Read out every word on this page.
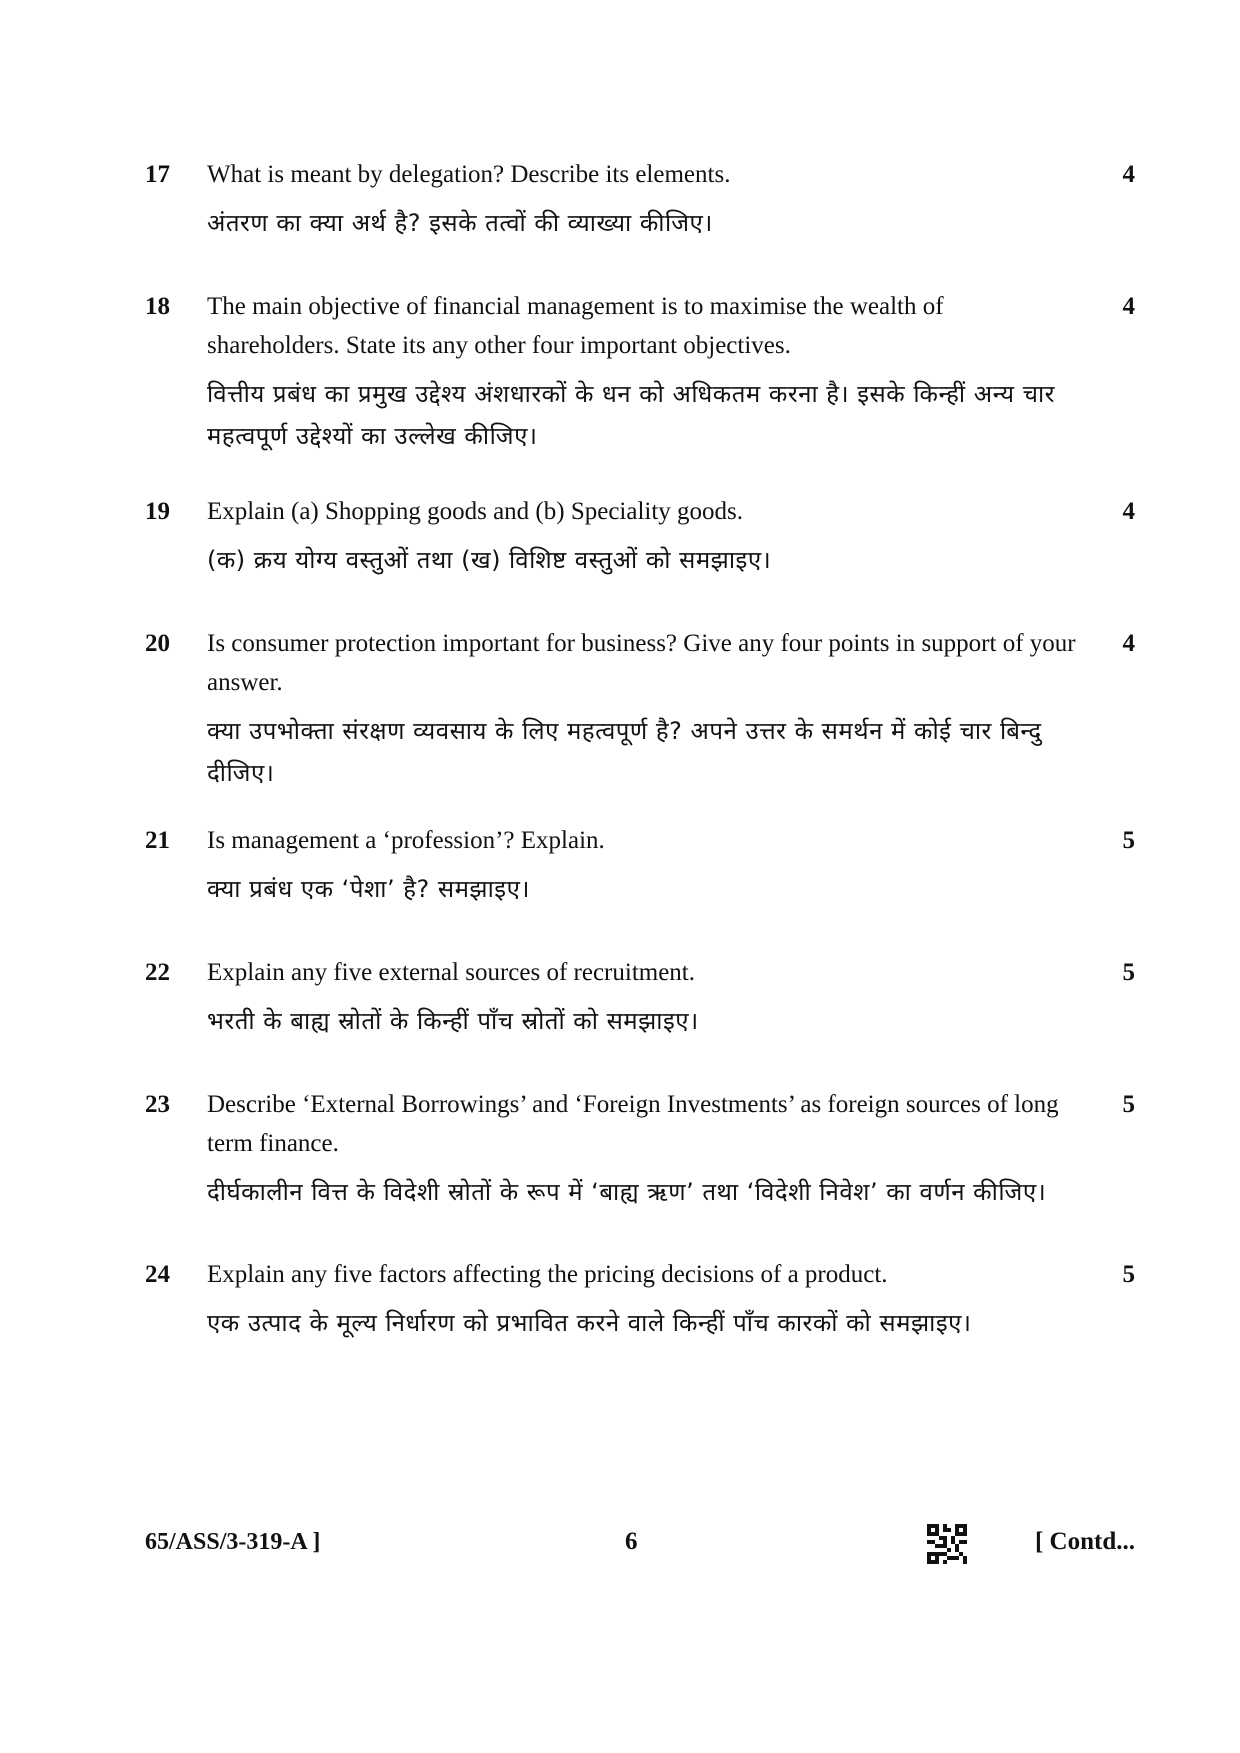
17	4
What is meant by delegation? Describe its elements.
अंतरण का क्या अर्थ है? इसके तत्वों की व्याख्या कीजिए।
18	4
The main objective of financial management is to maximise the wealth of shareholders. State its any other four important objectives.
वित्तीय प्रबंध का प्रमुख उद्देश्य अंशधारकों के धन को अधिकतम करना है। इसके किन्हीं अन्य चार महत्वपूर्ण उद्देश्यों का उल्लेख कीजिए।
19	4
Explain (a) Shopping goods and (b) Speciality goods.
(क) क्रय योग्य वस्तुओं तथा (ख) विशिष्ट वस्तुओं को समझाइए।
20	4
Is consumer protection important for business? Give any four points in support of your answer.
क्या उपभोक्ता संरक्षण व्यवसाय के लिए महत्वपूर्ण है? अपने उत्तर के समर्थन में कोई चार बिन्दु दीजिए।
21	5
Is management a ‘profession’? Explain.
क्या प्रबंध एक ‘पेशा’ है? समझाइए।
22	5
Explain any five external sources of recruitment.
भरती के बाह्य स्रोतों के किन्हीं पाँच स्रोतों को समझाइए।
23	5
Describe ‘External Borrowings’ and ‘Foreign Investments’ as foreign sources of long term finance.
दीर्घकालीन वित्त के विदेशी स्रोतों के रूप में ‘बाह्य ऋण’ तथा ‘विदेशी निवेश’ का वर्णन कीजिए।
24	5
Explain any five factors affecting the pricing decisions of a product.
एक उत्पाद के मूल्य निर्धारण को प्रभावित करने वाले किन्हीं पाँच कारकों को समझाइए।
65/ASS/3-319-A ]	6	[ Contd...
